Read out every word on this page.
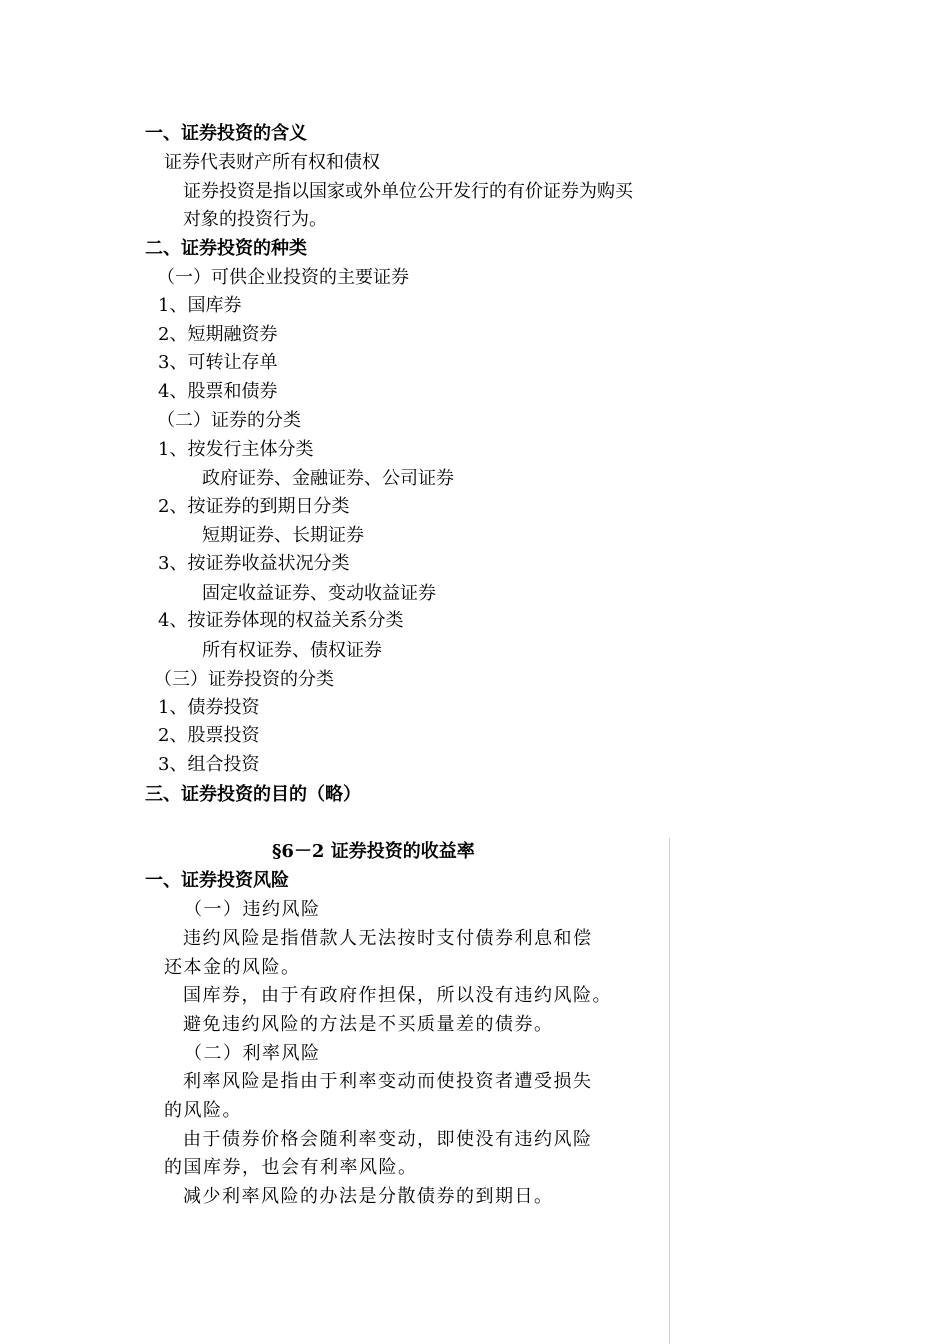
一、证券投资的含义
证券代表财产所有权和债权
证券投资是指以国家或外单位公开发行的有价证券为购买
对象的投资行为。
二、证券投资的种类
（一）可供企业投资的主要证券
1、国库券
2、短期融资券
3、可转让存单
4、股票和债券
（二）证券的分类
1、按发行主体分类
政府证券、金融证券、公司证券
2、按证券的到期日分类
短期证券、长期证券
3、按证券收益状况分类
固定收益证券、变动收益证券
4、按证券体现的权益关系分类
所有权证券、债权证券
（三）证券投资的分类
1、债券投资
2、股票投资
3、组合投资
三、证券投资的目的（略）
§6－2 证券投资的收益率
一、证券投资风险
（一）违约风险
违约风险是指借款人无法按时支付债券利息和偿
还本金的风险。
国库券，由于有政府作担保，所以没有违约风险。
避免违约风险的方法是不买质量差的债券。
（二）利率风险
利率风险是指由于利率变动而使投资者遭受损失
的风险。
由于债券价格会随利率变动，即使没有违约风险
的国库券，也会有利率风险。
减少利率风险的办法是分散债券的到期日。
